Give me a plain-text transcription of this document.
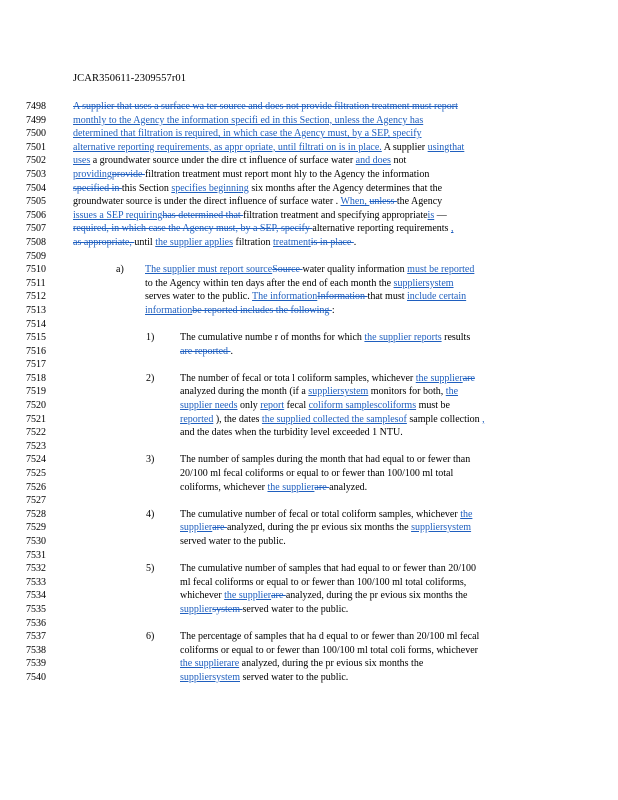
JCAR350611-2309557r01
7498	A supplier that uses a surface wa ter source and does not provide filtration treatment must report
7499	monthly to the Agency the information specifi ed in this Section, unless the Agency has
7500	determined that filtration is required, in which case the Agency must, by a SEP, specify
7501	alternative reporting requirements, as appr opriate, until filtrati on is in place. A supplier usingthat
7502	uses a groundwater source under the dire ct influence of surface water and does not
7503	providingprovide filtration treatment must report mont hly to the Agency the information
7504	specified in this Section specifies beginning six months after the Agency determines that the
7505	groundwater source is under the direct influence of surface water . When, unless the Agency
7506	issues a SEP requiringhas determined that filtration treatment and specifying appropriateis —
7507	required, in which case the Agency must, by a SEP, specify alternative reporting requirements ,
7508	as appropriate, until the supplier applies filtration treatmentis in place .
7509
7510	a) The supplier must report sourceSource water quality information must be reported
7511	to the Agency within ten days after the end of each month the suppliersystem
7512	serves water to the public. The informationInformation that must include certain
7513	informationbe reported includes the following :
7514
7515	1)	The cumulative numbe r of months for which the supplier reports results
7516	are reported .
7517
7518	2)	The number of fecal or tota l coliform samples, whichever the supplierare
7519	analyzed during the month (if a suppliersystem monitors for both, the
7520	supplier needs only report fecal coliform samplescoliforms must be
7521	reported ), the dates the supplied collected the samplesof sample collection ,
7522	and the dates when the turbidity level exceeded 1 NTU.
7523
7524	3)	The number of samples during the month that had equal to or fewer than
7525	20/100 ml fecal coliforms or equal to or fewer than 100/100 ml total
7526	coliforms, whichever the supplierare analyzed.
7527
7528	4)	The cumulative number of fecal or total coliform samples, whichever the
7529	supplierare analyzed, during the pr evious six months the suppliersystem
7530	served water to the public.
7531
7532	5)	The cumulative number of samples that had equal to or fewer than 20/100
7533	ml fecal coliforms or equal to or fewer than 100/100 ml total coliforms,
7534	whichever the supplierare analyzed, during the pr evious six months the
7535	suppliersystem served water to the public.
7536
7537	6)	The percentage of samples that ha d equal to or fewer than 20/100 ml fecal
7538	coliforms or equal to or fewer than 100/100 ml total coli forms, whichever
7539	the supplierare analyzed, during the pr evious six months the
7540	suppliersystem served water to the public.
